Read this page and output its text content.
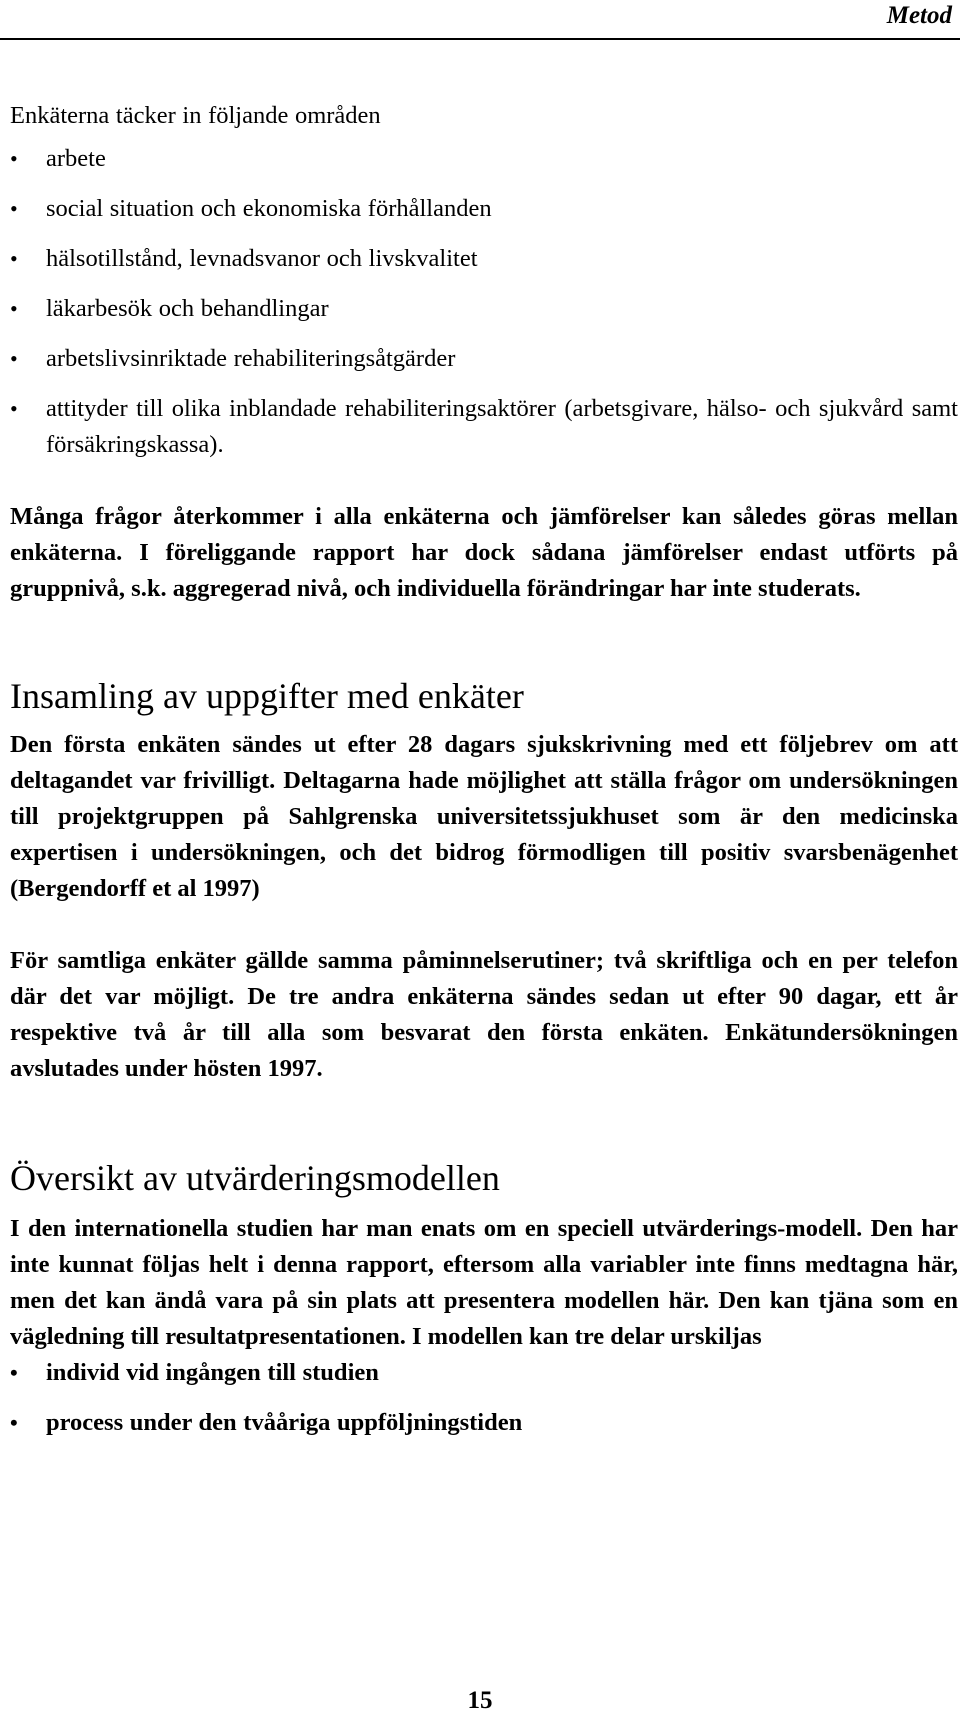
Metod

Enkäterna täcker in följande områden

• arbete
• social situation och ekonomiska förhållanden
• hälsotillstånd, levnadsvanor och livskvalitet
• läkarbesök och behandlingar
• arbetslivsinriktade rehabiliteringsåtgärder
• attityder till olika inblandade rehabiliteringsaktörer (arbetsgivare, hälso- och sjukvård samt försäkringskassa).

Många frågor återkommer i alla enkäterna och jämförelser kan således göras mellan enkäterna. I föreliggande rapport har dock sådana jämförelser endast utförts på gruppnivå, s.k. aggregerad nivå, och individuella förändringar har inte studerats.

Insamling av uppgifter med enkäter

Den första enkäten sändes ut efter 28 dagars sjukskrivning med ett följebrev om att deltagandet var frivilligt. Deltagarna hade möjlighet att ställa frågor om undersökningen till projektgruppen på Sahlgrenska universitetssjukhuset som är den medicinska expertisen i undersökningen, och det bidrog förmodligen till positiv svarsbenägenhet (Bergendorff et al 1997)

För samtliga enkäter gällde samma påminnelserutiner; två skriftliga och en per telefon där det var möjligt. De tre andra enkäterna sändes sedan ut efter 90 dagar, ett år respektive två år till alla som besvarat den första enkäten. Enkätundersökningen avslutades under hösten 1997.

Översikt av utvärderingsmodellen

I den internationella studien har man enats om en speciell utvärderings-modell. Den har inte kunnat följas helt i denna rapport, eftersom alla variabler inte finns medtagna här, men det kan ändå vara på sin plats att presentera modellen här. Den kan tjäna som en vägledning till resultatpresentationen. I modellen kan tre delar urskiljas

• individ vid ingången till studien
• process under den tvååriga uppföljningstiden
15
